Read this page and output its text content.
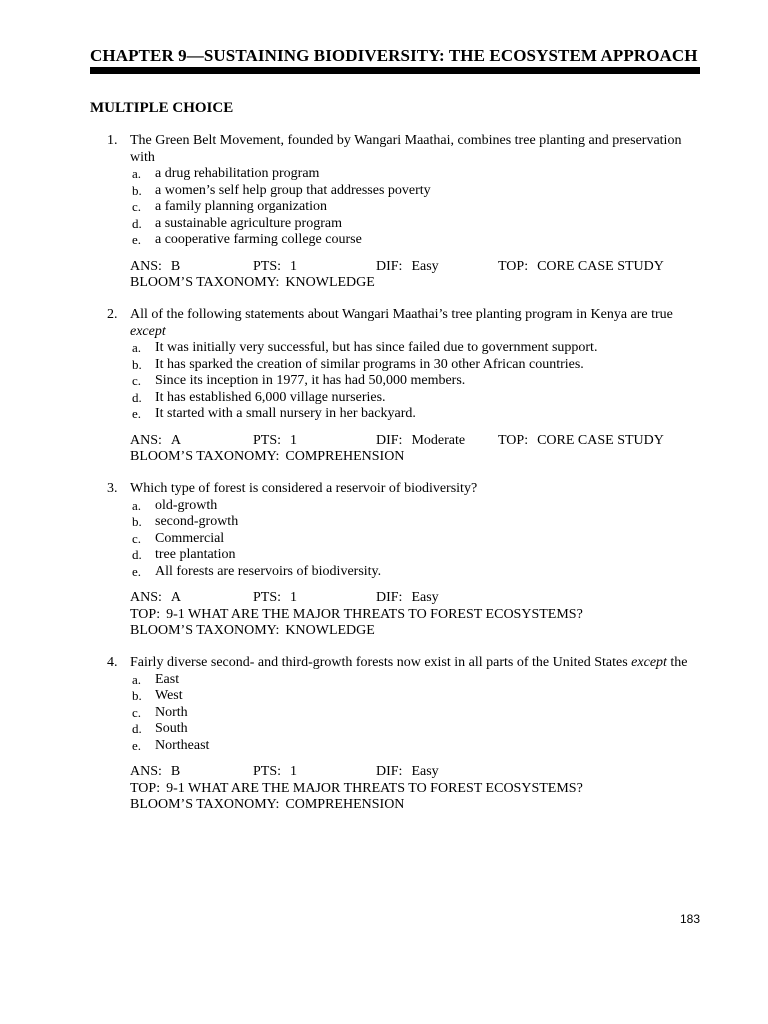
CHAPTER 9—SUSTAINING BIODIVERSITY: THE ECOSYSTEM APPROACH
MULTIPLE CHOICE
1. The Green Belt Movement, founded by Wangari Maathai, combines tree planting and preservation with
a. a drug rehabilitation program
b. a women’s self help group that addresses poverty
c. a family planning organization
d. a sustainable agriculture program
e. a cooperative farming college course
ANS: B	PTS: 1	DIF: Easy	TOP: CORE CASE STUDY
BLOOM’S TAXONOMY: KNOWLEDGE
2. All of the following statements about Wangari Maathai’s tree planting program in Kenya are true except
a. It was initially very successful, but has since failed due to government support.
b. It has sparked the creation of similar programs in 30 other African countries.
c. Since its inception in 1977, it has had 50,000 members.
d. It has established 6,000 village nurseries.
e. It started with a small nursery in her backyard.
ANS: A	PTS: 1	DIF: Moderate TOP: CORE CASE STUDY
BLOOM’S TAXONOMY: COMPREHENSION
3. Which type of forest is considered a reservoir of biodiversity?
a. old-growth
b. second-growth
c. Commercial
d. tree plantation
e. All forests are reservoirs of biodiversity.
ANS: A	PTS: 1	DIF: Easy
TOP: 9-1 WHAT ARE THE MAJOR THREATS TO FOREST ECOSYSTEMS?
BLOOM’S TAXONOMY: KNOWLEDGE
4. Fairly diverse second- and third-growth forests now exist in all parts of the United States except the
a. East
b. West
c. North
d. South
e. Northeast
ANS: B	PTS: 1	DIF: Easy
TOP: 9-1 WHAT ARE THE MAJOR THREATS TO FOREST ECOSYSTEMS?
BLOOM’S TAXONOMY: COMPREHENSION
183
